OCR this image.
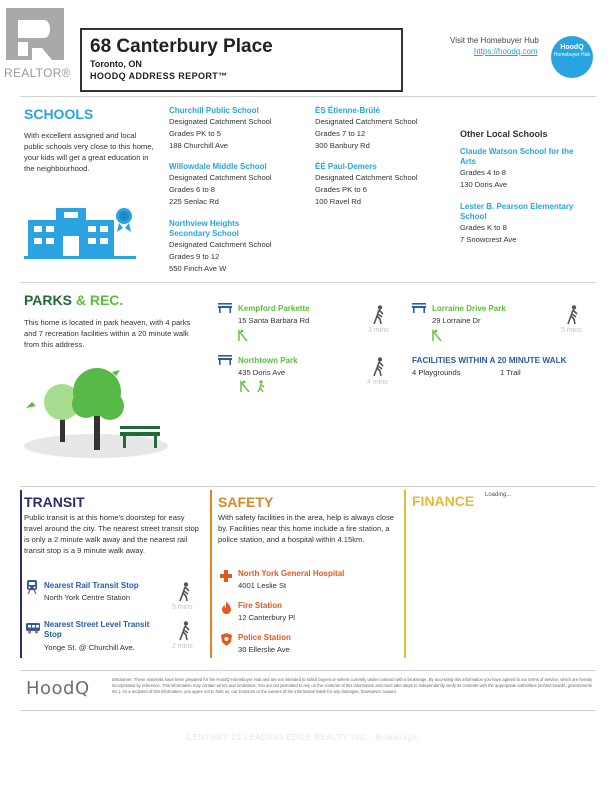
REALTOR®
68 Canterbury Place
Toronto, ON
HOODQ ADDRESS REPORT™
Visit the Homebuyer Hub
https://hoodq.com	HoodQ
Homebuyer Hub
SCHOOLS
With excellent assigned and local public schools very close to this home, your kids will get a great education in the neighbourhood.
Churchill Public School
Designated Catchment School
Grades PK to 5
188 Churchill Ave
Willowdale Middle School
Designated Catchment School
Grades 6 to 8
225 Senlac Rd
Northview Heights Secondary School
Designated Catchment School
Grades 9 to 12
550 Finch Ave W
ÉS Étienne-Brûlé
Designated Catchment School
Grades 7 to 12
300 Banbury Rd
ÉÉ Paul-Demers
Designated Catchment School
Grades PK to 6
100 Ravel Rd
Other Local Schools
Claude Watson School for the Arts
Grades 4 to 8
130 Doris Ave
Lester B. Pearson Elementary School
Grades K to 8
7 Snowcrest Ave
PARKS & REC.
This home is located in park heaven, with 4 parks and 7 recreation facilities within a 20 minute walk from this address.
Kempford Parkette
15 Santa Barbara Rd
3 mins
Lorraine Drive Park
29 Lorraine Dr
5 mins
Northtown Park
435 Doris Ave
4 mins
FACILITIES WITHIN A 20 MINUTE WALK
4 Playgrounds	1 Trail
TRANSIT
Public transit is at this home's doorstep for easy travel around the city. The nearest street transit stop is only a 2 minute walk away and the nearest rail transit stop is a 9 minute walk away.
Nearest Rail Transit Stop
North York Centre Station
9 mins
Nearest Street Level Transit Stop
Yonge St. @ Churchill Ave.	2 mins
SAFETY
With safety facilities in the area, help is always close by. Facilities near this home include a fire station, a police station, and a hospital within 4.15km.
North York General Hospital
4001 Leslie St
Fire Station
12 Canterbury Pl
Police Station
30 Ellerslie Ave
FINANCE Loading...
HoodQ	Disclaimer: These materials have been prepared for the HoodQ Homebuyer Hub and are not intended to solicit buyers or sellers currently under contract with a brokerage. By accessing this information you have agreed to our terms of service, which are hereby incorporated by reference. This information may contain errors and omissions. You are not permitted to rely on the contents of this information and must take steps to independently verify its contents with the appropriate authorities (school boards, governments etc.). As a recipient of this information, you agree not to hold us, our licensors or the owners of the information liable for any damages, howsoever caused.
CENTURY 21 LEADING EDGE REALTY INC., Brokerage
